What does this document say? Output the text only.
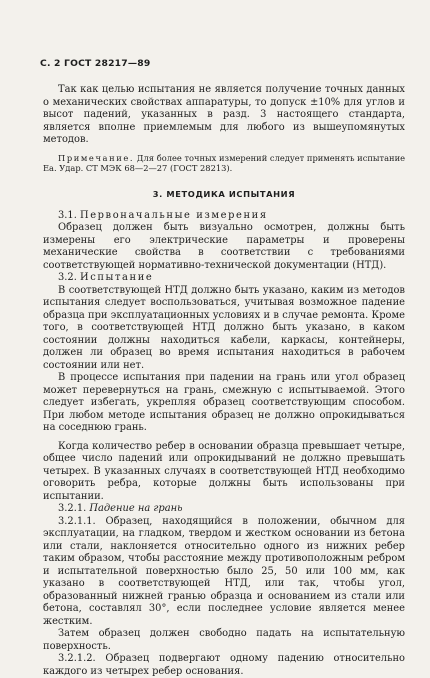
С. 2 ГОСТ 28217—89

Так как целью испытания не является получение точных данных о механических свойствах аппаратуры, то допуск ±10% для углов и высот падений, указанных в разд. 3 настоящего стандарта, является вполне приемлемым для любого из вышеупомянутых методов.

Примечание. Для более точных измерений следует применять испытание Еа. Удар. СТ МЭК 68—2—27 (ГОСТ 28213).

3. МЕТОДИКА ИСПЫТАНИЯ

3.1. Первоначальные измерения

Образец должен быть визуально осмотрен, должны быть измерены его электрические параметры и проверены механические свойства в соответствии с требованиями соответствующей нормативно-технической документации (НТД).

3.2. Испытание

В соответствующей НТД должно быть указано, каким из методов испытания следует воспользоваться, учитывая возможное падение образца при эксплуатационных условиях и в случае ремонта. Кроме того, в соответствующей НТД должно быть указано, в каком состоянии должны находиться кабели, каркасы, контейнеры, должен ли образец во время испытания находиться в рабочем состоянии или нет.

В процессе испытания при падении на грань или угол образец может перевернуться на грань, смежную с испытываемой. Этого следует избегать, укрепляя образец соответствующим способом. При любом методе испытания образец не должно опрокидываться на соседнюю грань.

Когда количество ребер в основании образца превышает четыре, общее число падений или опрокидываний не должно превышать четырех. В указанных случаях в соответствующей НТД необходимо оговорить ребра, которые должны быть использованы при испытании.

3.2.1. Падение на грань

3.2.1.1. Образец, находящийся в положении, обычном для эксплуатации, на гладком, твердом и жестком основании из бетона или стали, наклоняется относительно одного из нижних ребер таким образом, чтобы расстояние между противоположным ребром и испытательной поверхностью было 25, 50 или 100 мм, как указано в соответствующей НТД, или так, чтобы угол, образованный нижней гранью образца и основанием из стали или бетона, составлял 30°, если последнее условие является менее жестким.

Затем образец должен свободно падать на испытательную поверхность.

3.2.1.2. Образец подвергают одному падению относительно каждого из четырех ребер основания.
